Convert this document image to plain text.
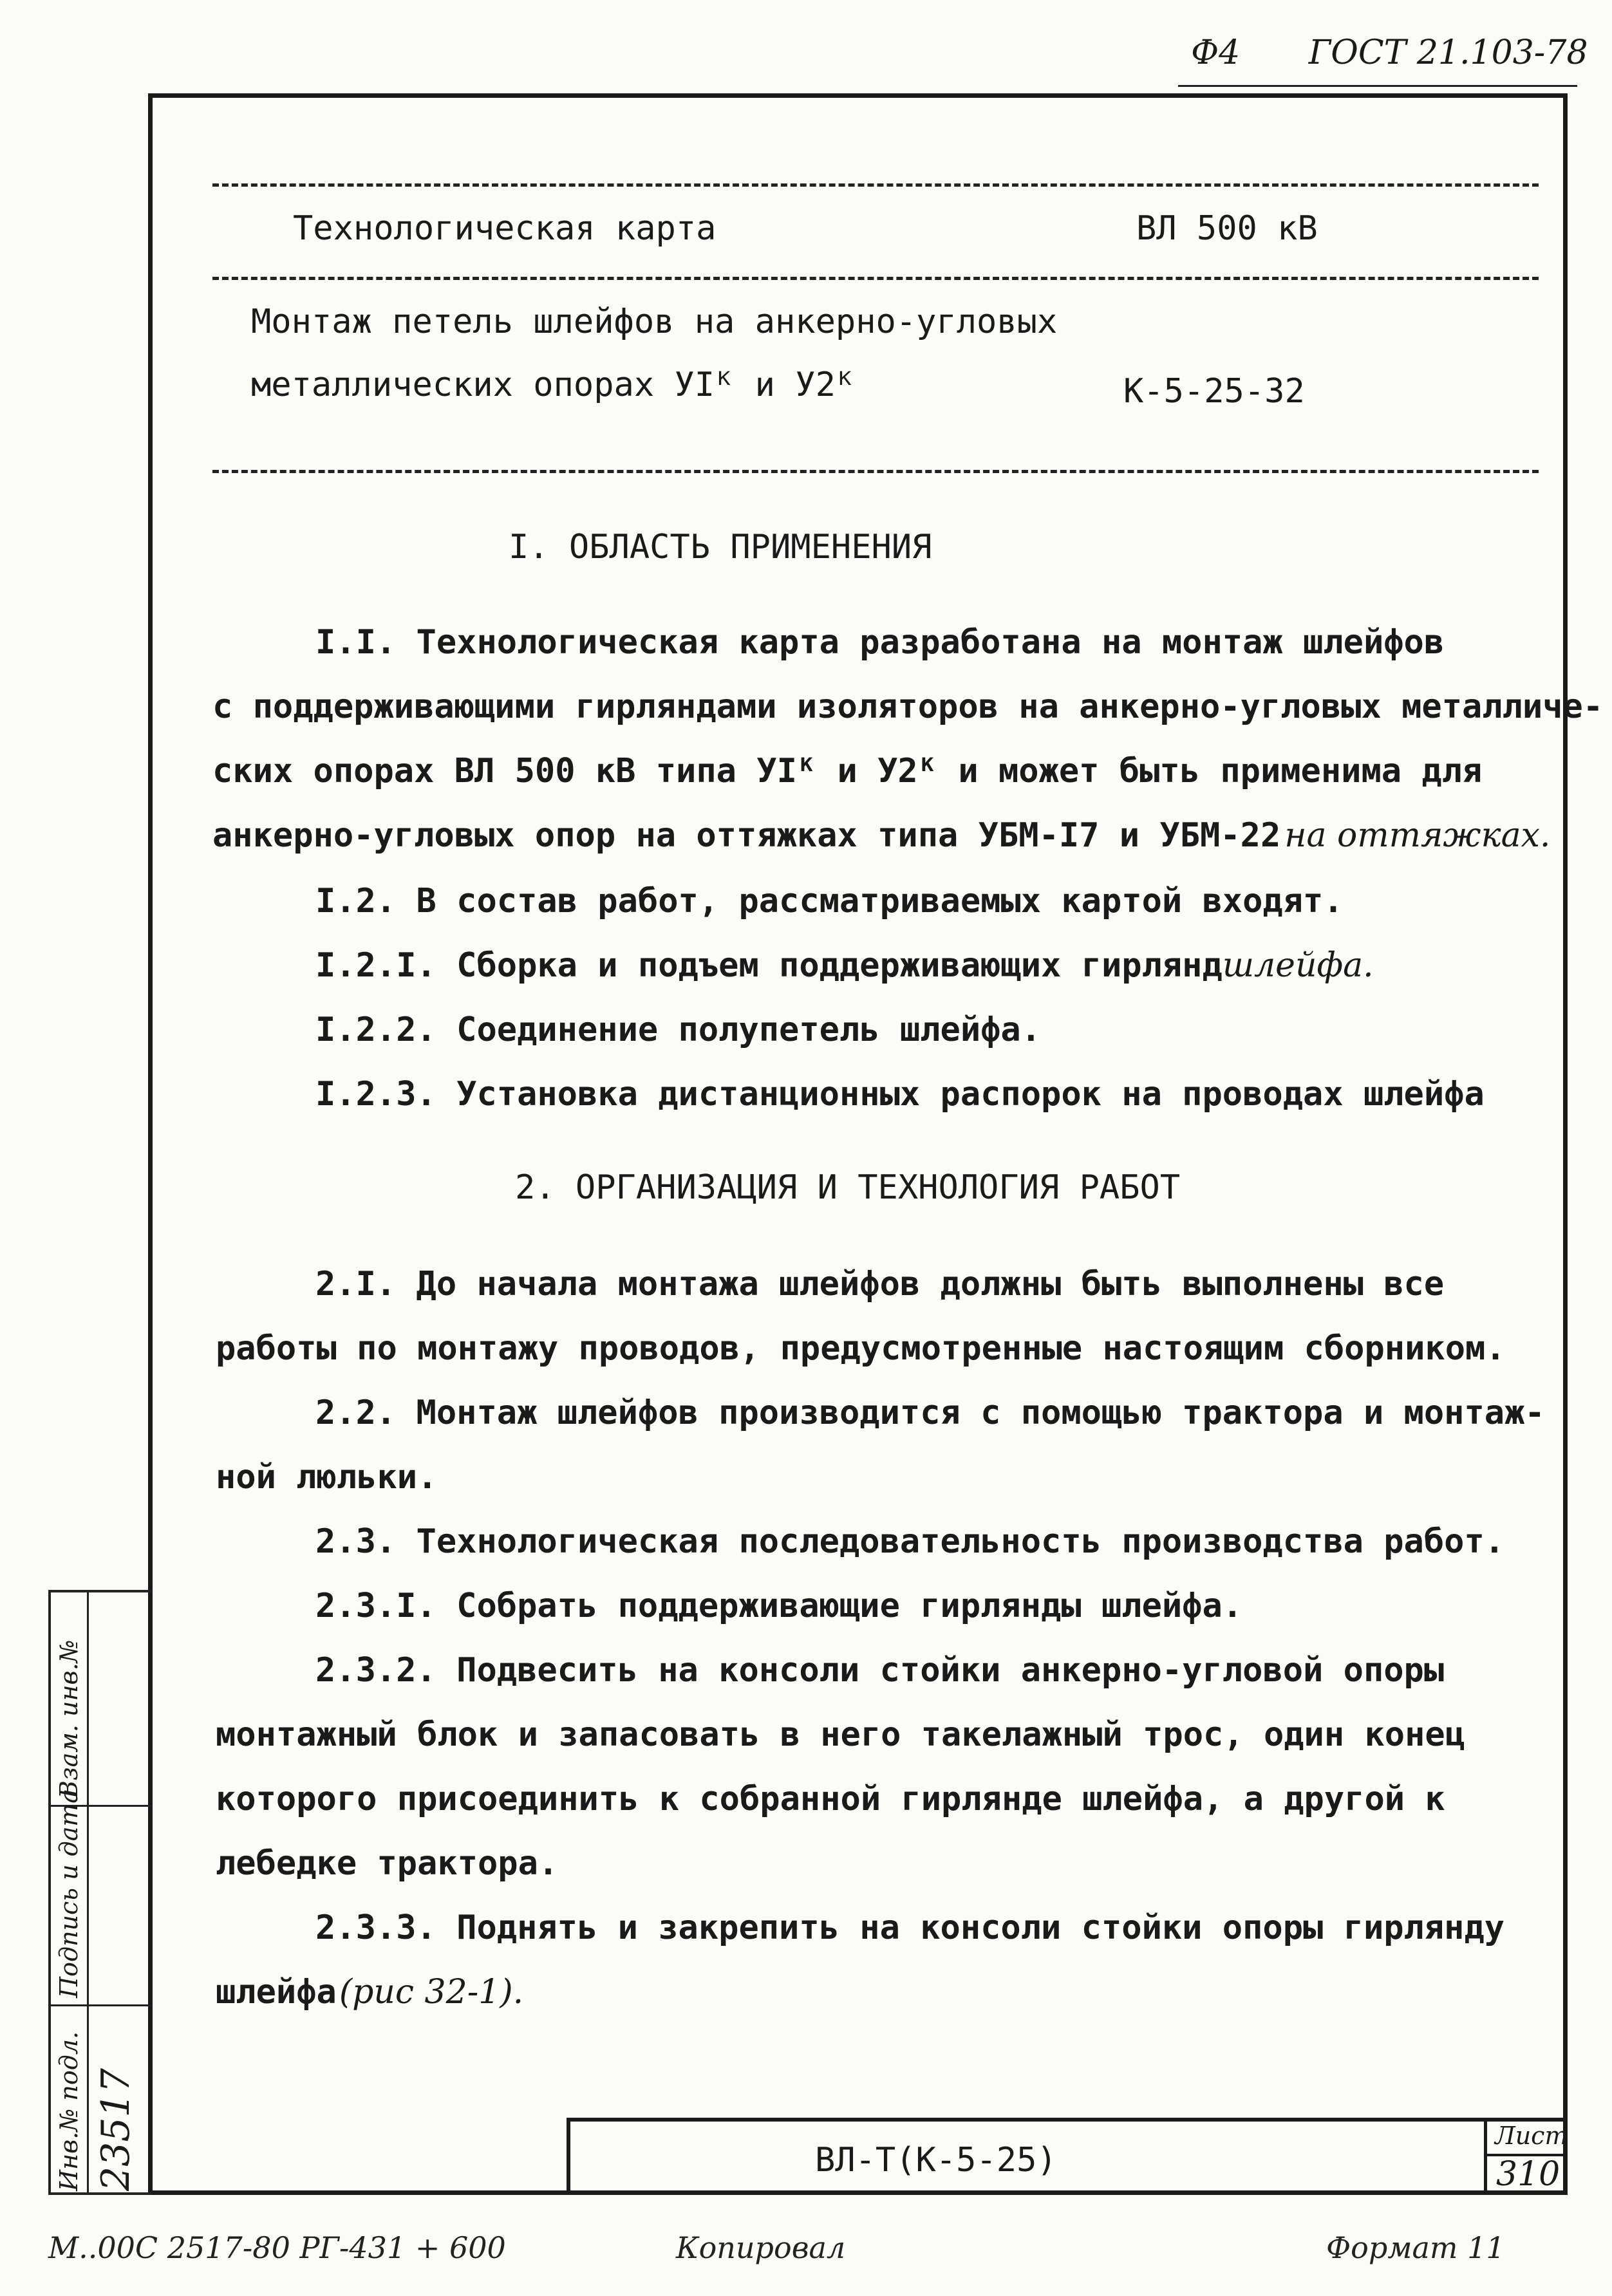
Ф4 ГОСТ 21.103-78
Технологическая карта	ВЛ 500 кВ
Монтаж петель шлейфов на анкерно-угловых
металлических опорах УIᴷ и У2ᴷ	К-5-25-32
I. ОБЛАСТЬ ПРИМЕНЕНИЯ
I.I. Технологическая карта разработана на монтаж шлейфов
с поддерживающими гирляндами изоляторов на анкерно-угловых металличе-
ских опорах ВЛ 500 кВ типа УIᴷ и У2ᴷ и может быть применима для
анкерно-угловых опор на оттяжках типа УБМ-I7 и УБМ-22 на оттяжках.
I.2. В состав работ, рассматриваемых картой входят.
I.2.I. Сборка и подъем поддерживающих гирляндшлейфа.
I.2.2. Соединение полупетель шлейфа.
I.2.3. Установка дистанционных распорок на проводах шлейфа
2. ОРГАНИЗАЦИЯ И ТЕХНОЛОГИЯ РАБОТ
2.I. До начала монтажа шлейфов должны быть выполнены все
работы по монтажу проводов, предусмотренные настоящим сборником.
2.2. Монтаж шлейфов производится с помощью трактора и монтаж-
ной люльки.
2.3. Технологическая последовательность производства работ.
2.3.I. Собрать поддерживающие гирлянды шлейфа.
2.3.2. Подвесить на консоли стойки анкерно-угловой опоры
монтажный блок и запасовать в него такелажный трос, один конец
которого присоединить к собранной гирлянде шлейфа, а другой к
лебедке трактора.
2.3.3. Поднять и закрепить на консоли стойки опоры гирлянду
шлейфа(рис 32-1).
Взам. инв.№
Подпись и дата
Инв.№ подл. 23517	ВЛ-Т(К-5-25)
Лист
310
М..00С 2517-80 РГ-431 + 600	Копировал	Формат 11
